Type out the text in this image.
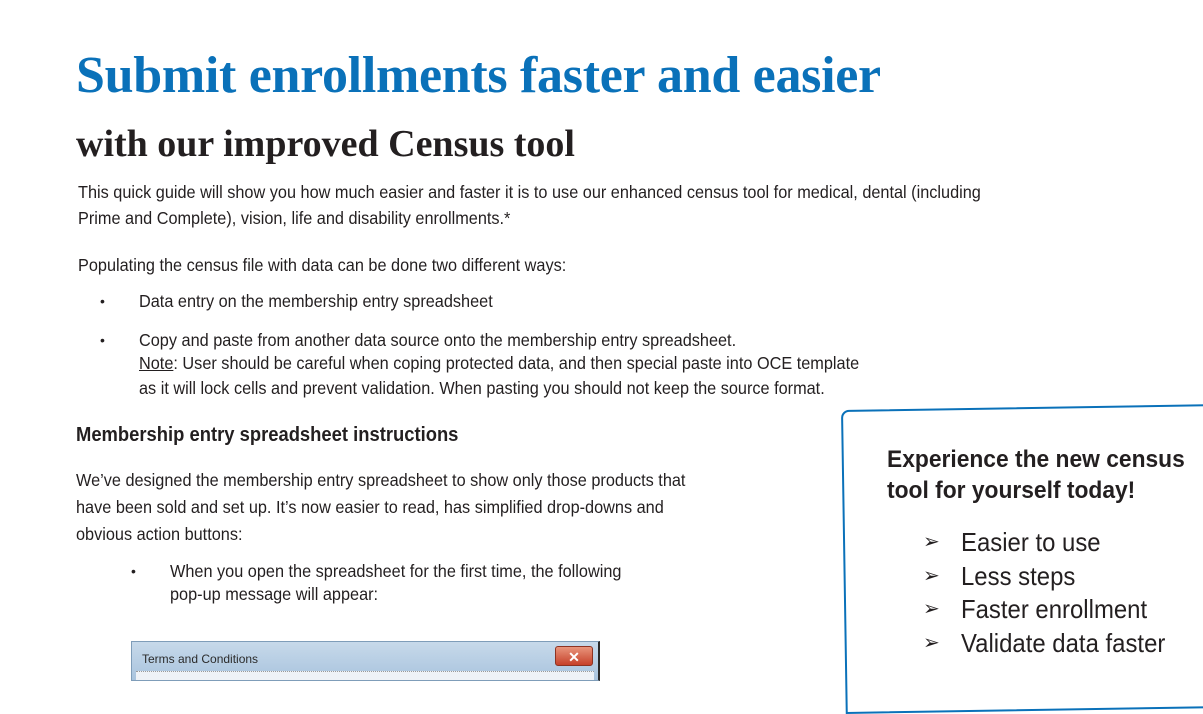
Submit enrollments faster and easier
with our improved Census tool

This quick guide will show you how much easier and faster it is to use our enhanced census tool for medical, dental (including

Prime and Complete), vision, life and disability enrollments.*

Populating the census file with data can be done two different ways:

•	Data entry on the membership entry spreadsheet
•	Copy and paste from another data source onto the membership entry spreadsheet.
Note: User should be careful when coping protected data, and then special paste into OCE template
as it will lock cells and prevent validation. When pasting you should not keep the source format.
Membership entry spreadsheet instructions

We’ve designed the membership entry spreadsheet to show only those products that

have been sold and set up. It’s now easier to read, has simplified drop-downs and

obvious action buttons:

•	When you open the spreadsheet for the first time, the following
pop-up message will appear:
Terms and Conditions	✕
Experience the new census
tool for yourself today!
➢ Easier to use
➢ Less steps
➢ Faster enrollment
➢ Validate data faster
